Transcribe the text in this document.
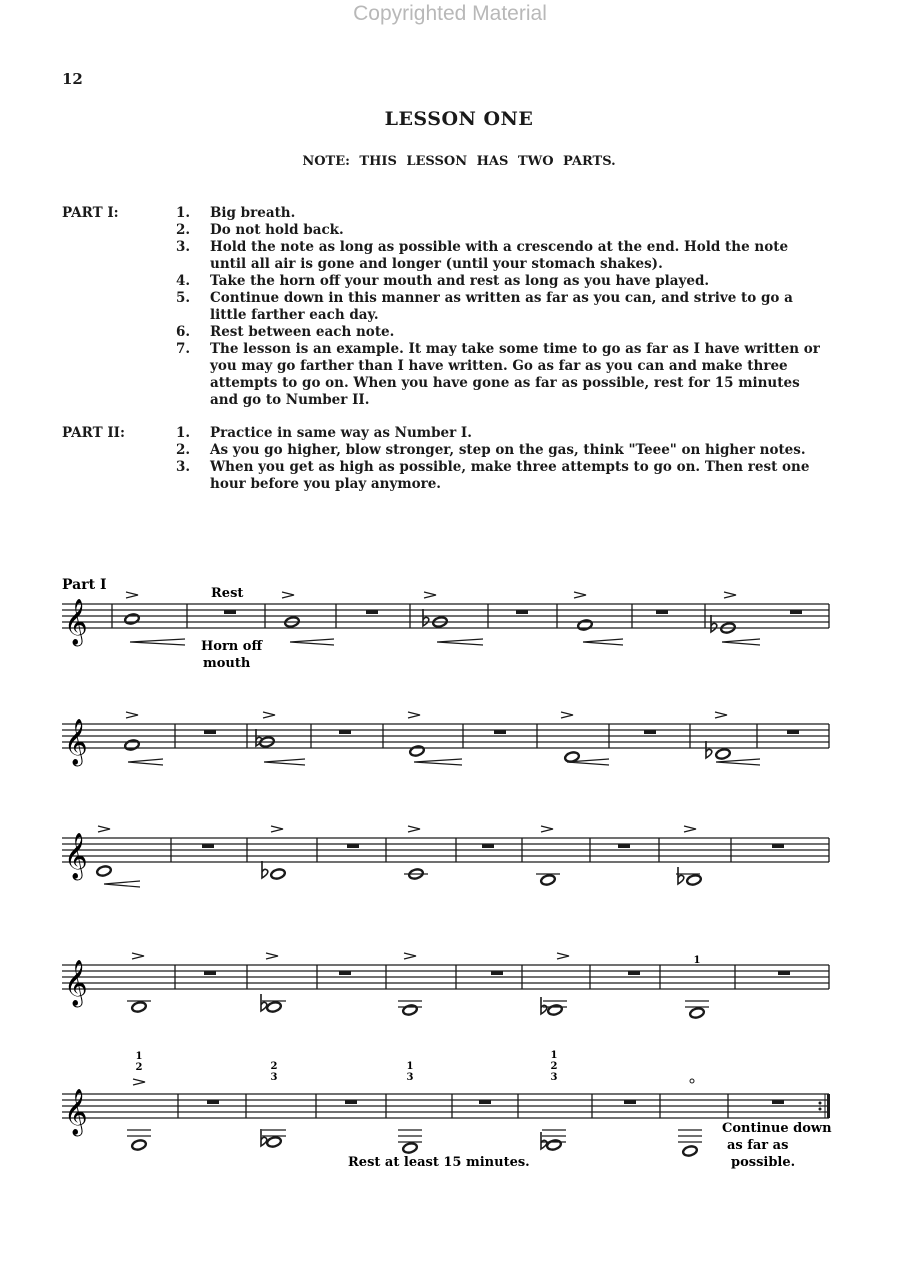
Copyrighted Material
12
LESSON ONE
NOTE: THIS LESSON HAS TWO PARTS.
PART I:	1. Big breath.
2. Do not hold back.
3. Hold the note as long as possible with a crescendo at the end. Hold the note until all air is gone and longer (until your stomach shakes).
4. Take the horn off your mouth and rest as long as you have played.
5. Continue down in this manner as written as far as you can, and strive to go a little farther each day.
6. Rest between each note.
7. The lesson is an example. It may take some time to go as far as I have written or you may go farther than I have written. Go as far as you can and make three attempts to go on. When you have gone as far as possible, rest for 15 minutes and go to Number II.
PART II:	1. Practice in same way as Number I.
2. As you go higher, blow stronger, step on the gas, think "Teee" on higher notes.
3. When you get as high as possible, make three attempts to go on. Then rest one hour before you play anymore.
Part I
Rest
Horn off
mouth
Rest at least 15 minutes.
Continue down
as far as
possible.
1
1
2	2
3
1
3
1
2
3
𝄞
𝄞
𝄞
𝄞
𝄞
